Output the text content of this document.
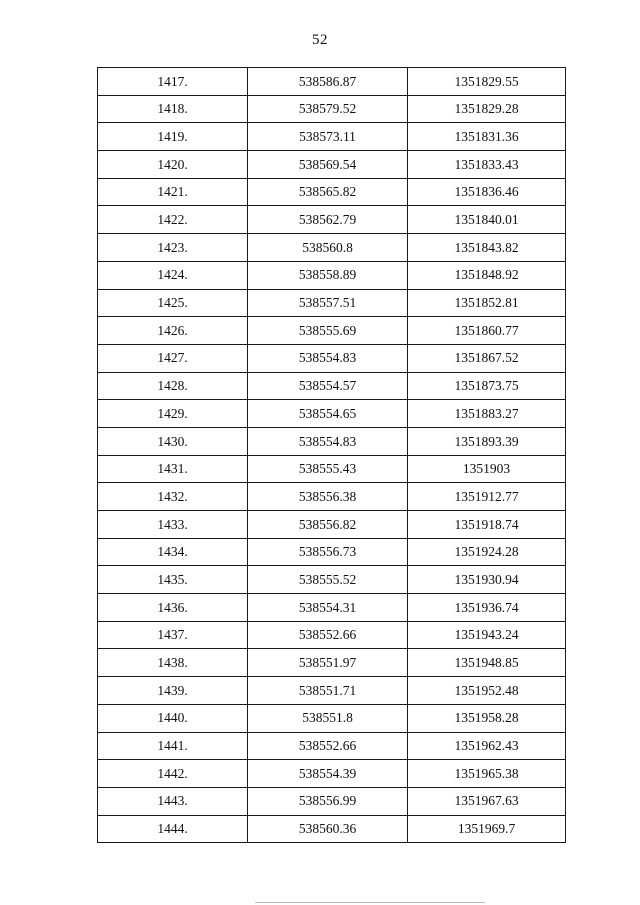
52
1417.	538586.87	1351829.55
1418.	538579.52	1351829.28
1419.	538573.11	1351831.36
1420.	538569.54	1351833.43
1421.	538565.82	1351836.46
1422.	538562.79	1351840.01
1423.	538560.8	1351843.82
1424.	538558.89	1351848.92
1425.	538557.51	1351852.81
1426.	538555.69	1351860.77
1427.	538554.83	1351867.52
1428.	538554.57	1351873.75
1429.	538554.65	1351883.27
1430.	538554.83	1351893.39
1431.	538555.43	1351903
1432.	538556.38	1351912.77
1433.	538556.82	1351918.74
1434.	538556.73	1351924.28
1435.	538555.52	1351930.94
1436.	538554.31	1351936.74
1437.	538552.66	1351943.24
1438.	538551.97	1351948.85
1439.	538551.71	1351952.48
1440.	538551.8	1351958.28
1441.	538552.66	1351962.43
1442.	538554.39	1351965.38
1443.	538556.99	1351967.63
1444.	538560.36	1351969.7
